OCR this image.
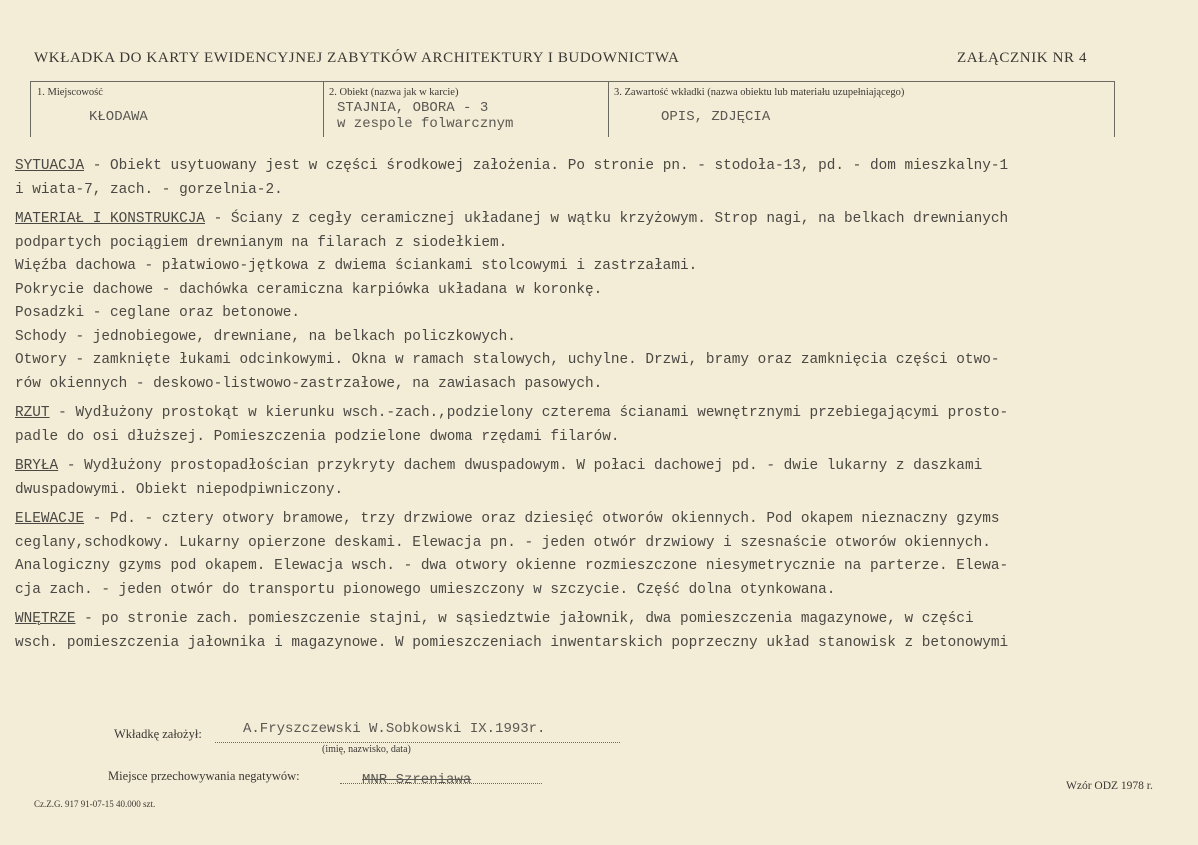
WKŁADKA DO KARTY EWIDENCYJNEJ ZABYTKÓW ARCHITEKTURY I BUDOWNICTWA	ZAŁĄCZNIK NR 4
1. Miejscowość
KŁODAWA
2. Obiekt (nazwa jak w karcie)
STAJNIA, OBORA - 3
w zespole folwarcznym
3. Zawartość wkładki (nazwa obiektu lub materiału uzupełniającego)
OPIS, ZDJĘCIA
SYTUACJA - Obiekt usytuowany jest w części środkowej założenia. Po stronie pn. - stodoła-13, pd. - dom mieszkalny-1
i wiata-7, zach. - gorzelnia-2.
MATERIAŁ I KONSTRUKCJA - Ściany z cegły ceramicznej układanej w wątku krzyżowym. Strop nagi, na belkach drewnianych
podpartych pociągiem drewnianym na filarach z siodełkiem.
Więźba dachowa - płatwiowo-jętkowa z dwiema ściankami stolcowymi i zastrzałami.
Pokrycie dachowe - dachówka ceramiczna karpiówka układana w koronkę.
Posadzki - ceglane oraz betonowe.
Schody - jednobiegowe, drewniane, na belkach policzkowych.
Otwory - zamknięte łukami odcinkowymi. Okna w ramach stalowych, uchylne. Drzwi, bramy oraz zamknięcia części otwo-
rów okiennych - deskowo-listwowo-zastrzałowe, na zawiasach pasowych.
RZUT - Wydłużony prostokąt w kierunku wsch.-zach.,podzielony czterema ścianami wewnętrznymi przebiegającymi prosto-
padle do osi dłuższej. Pomieszczenia podzielone dwoma rzędami filarów.
BRYŁA - Wydłużony prostopadłościan przykryty dachem dwuspadowym. W połaci dachowej pd. - dwie lukarny z daszkami
dwuspadowymi. Obiekt niepodpiwniczony.
ELEWACJE - Pd. - cztery otwory bramowe, trzy drzwiowe oraz dziesięć otworów okiennych. Pod okapem nieznaczny gzyms
ceglany,schodkowy. Lukarny opierzone deskami. Elewacja pn. - jeden otwór drzwiowy i szesnaście otworów okiennych.
Analogiczny gzyms pod okapem. Elewacja wsch. - dwa otwory okienne rozmieszczone niesymetrycznie na parterze. Elewa-
cja zach. - jeden otwór do transportu pionowego umieszczony w szczycie. Część dolna otynkowana.
WNĘTRZE - po stronie zach. pomieszczenie stajni, w sąsiedztwie jałownik, dwa pomieszczenia magazynowe, w części
wsch. pomieszczenia jałownika i magazynowe. W pomieszczeniach inwentarskich poprzeczny układ stanowisk z betonowymi
Wkładkę założył:	A.Fryszczewski W.Sobkowski IX.1993r.
(imię, nazwisko, data)
Miejsce przechowywania negatywów:	MNR Szreniawa	Wzór ODZ 1978 r.
Cz.Z.G. 917 91-07-15 40.000 szt.
